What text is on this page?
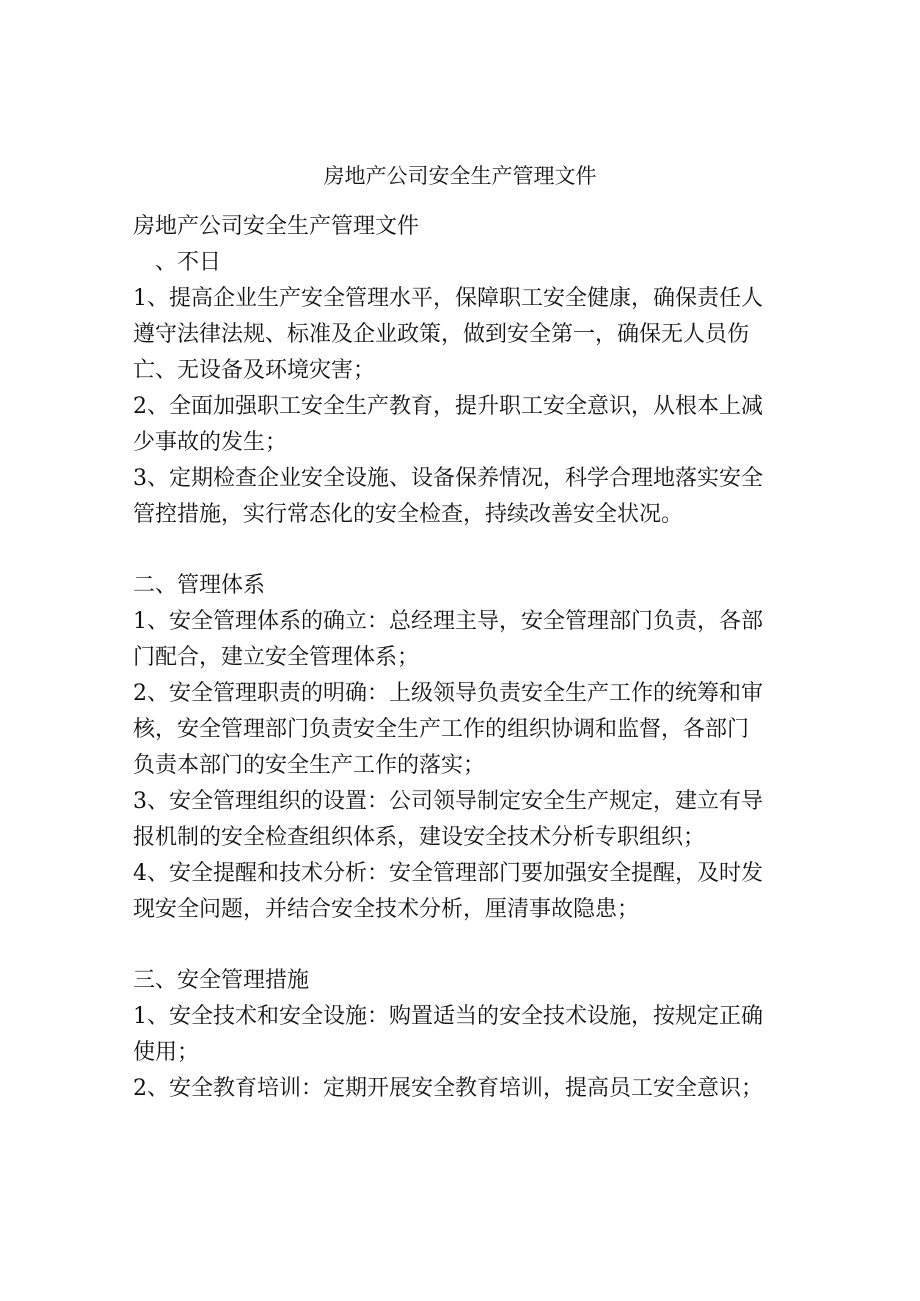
房地产公司安全生产管理文件
房地产公司安全生产管理文件
、不日
1、提高企业生产安全管理水平，保障职工安全健康，确保责任人
遵守法律法规、标准及企业政策，做到安全第一，确保无人员伤
亡、无设备及环境灾害；
2、全面加强职工安全生产教育，提升职工安全意识，从根本上减
少事故的发生；
3、定期检查企业安全设施、设备保养情况，科学合理地落实安全
管控措施，实行常态化的安全检查，持续改善安全状况。
二、管理体系
1、安全管理体系的确立：总经理主导，安全管理部门负责，各部
门配合，建立安全管理体系；
2、安全管理职责的明确：上级领导负责安全生产工作的统筹和审
核，安全管理部门负责安全生产工作的组织协调和监督，各部门
负责本部门的安全生产工作的落实；
3、安全管理组织的设置：公司领导制定安全生产规定，建立有导
报机制的安全检查组织体系，建设安全技术分析专职组织；
4、安全提醒和技术分析：安全管理部门要加强安全提醒，及时发
现安全问题，并结合安全技术分析，厘清事故隐患；
三、安全管理措施
1、安全技术和安全设施：购置适当的安全技术设施，按规定正确
使用；
2、安全教育培训：定期开展安全教育培训，提高员工安全意识；
